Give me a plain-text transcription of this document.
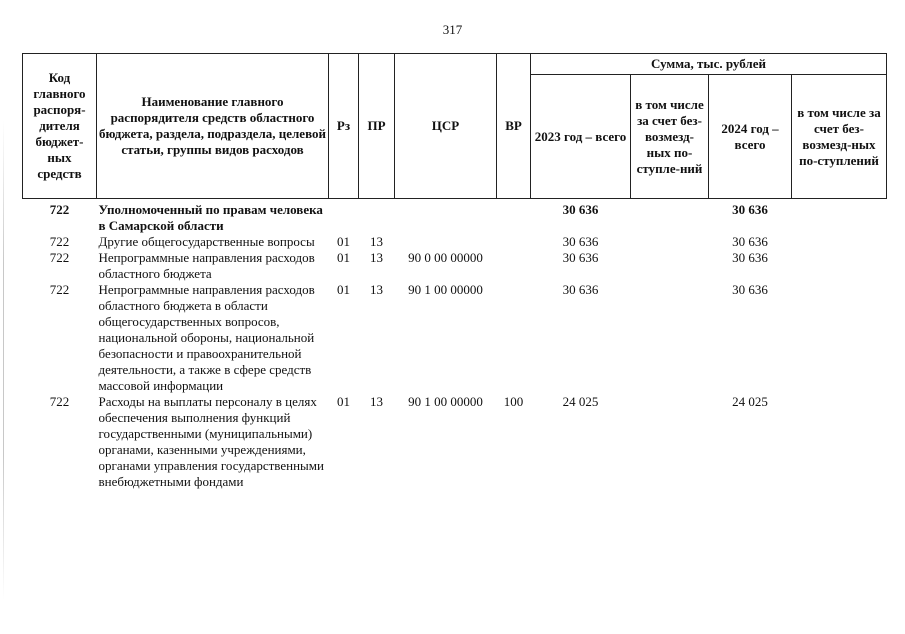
317
Код главного распоря-дителя бюджет-ных средств	Наименование главного распорядителя средств областного бюджета, раздела, подраздела, целевой статьи, группы видов расходов	Рз	ПР	ЦСР	ВР	Сумма, тыс. рублей			
						2023 год – всего	в том числе за счет без-возмезд-ных по-ступле-ний	2024 год – всего	в том числе за счет без-возмезд-ных по-ступлений
722	Уполномоченный по правам человека в Самарской области					30 636		30 636	
722	Другие общегосударственные вопросы	01	13			30 636		30 636	
722	Непрограммные направления расходов областного бюджета	01	13	90 0 00 00000		30 636		30 636	
722	Непрограммные направления расходов областного бюджета в области общегосударственных вопросов, национальной обороны, национальной безопасности и правоохранительной деятельности, а также в сфере средств массовой информации	01	13	90 1 00 00000		30 636		30 636	
722	Расходы на выплаты персоналу в целях обеспечения выполнения функций государственными (муниципальными) органами, казенными учреждениями, органами управления государственными внебюджетными фондами	01	13	90 1 00 00000	100	24 025		24 025	
